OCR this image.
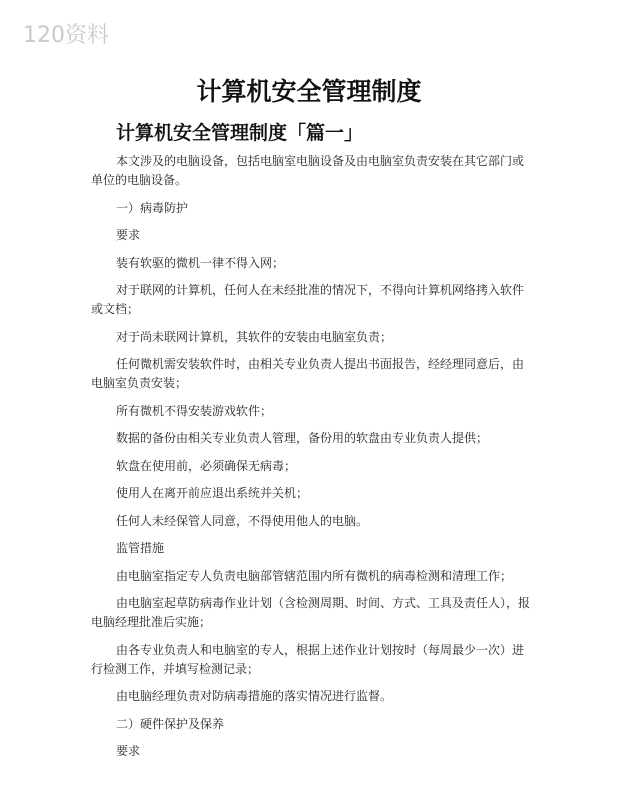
120资料
计算机安全管理制度
计算机安全管理制度「篇一」

本文涉及的电脑设备，包括电脑室电脑设备及由电脑室负责安装在其它部门或单位的电脑设备。

一）病毒防护

要求

装有软驱的微机一律不得入网；

对于联网的计算机，任何人在未经批准的情况下，不得向计算机网络拷入软件或文档；

对于尚未联网计算机，其软件的安装由电脑室负责；

任何微机需安装软件时，由相关专业负责人提出书面报告，经经理同意后，由电脑室负责安装；

所有微机不得安装游戏软件；

数据的备份由相关专业负责人管理，备份用的软盘由专业负责人提供；

软盘在使用前，必须确保无病毒；

使用人在离开前应退出系统并关机；

任何人未经保管人同意，不得使用他人的电脑。

监管措施

由电脑室指定专人负责电脑部管辖范围内所有微机的病毒检测和清理工作；

由电脑室起草防病毒作业计划（含检测周期、时间、方式、工具及责任人），报电脑经理批准后实施；

由各专业负责人和电脑室的专人，根据上述作业计划按时（每周最少一次）进行检测工作，并填写检测记录；

由电脑经理负责对防病毒措施的落实情况进行监督。

二）硬件保护及保养

要求
